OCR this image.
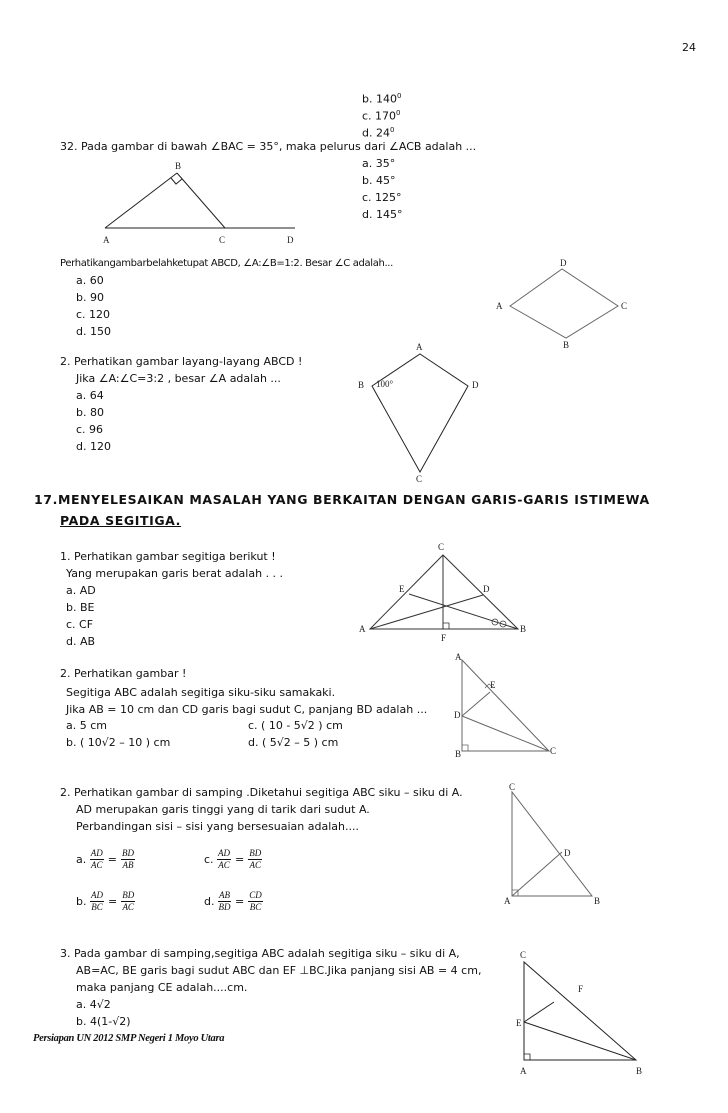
24
b. $140^0$
c. $170^0$
d. $24^0$
32. Pada gambar di bawah ∠BAC = 35°, maka pelurus dari ∠ACB adalah ...
a. 35°
b. 45°
c. 125°
d. 145°
B
A	C	D
Perhatikangambarbelahketupat ABCD, ∠A:∠B=1:2. Besar ∠C adalah...
a. 60
b. 90
c. 120
d. 150
D
A	C
B
2. Perhatikan gambar layang-layang ABCD !
Jika ∠A:∠C=3:2 , besar ∠A adalah ...
a. 64
b. 80
c. 96
d. 120
A
B	D
C
100°
17.MENYELESAIKAN MASALAH YANG BERKAITAN DENGAN GARIS-GARIS ISTIMEWA
PADA SEGITIGA.
1. Perhatikan gambar segitiga berikut !
Yang merupakan garis berat adalah . . .
a. AD
b. BE
c. CF
d. AB
C
E	D
A	B
F
2. Perhatikan gambar !
Segitiga ABC adalah segitiga siku-siku samakaki.
Jika AB = 10 cm dan CD garis bagi sudut C, panjang BD adalah ...
a. 5 cm	c. ( 10 - 5√2 ) cm
b. ( 10√2 – 10 ) cm	d. ( 5√2 – 5 ) cm
A
E
D
B	C
2. Perhatikan gambar di samping .Diketahui segitiga ABC siku – siku di A.
AD merupakan garis tinggi yang di tarik dari sudut A.
Perbandingan sisi – sisi yang bersesuaian adalah....
a. $\frac{AD}{AC} = \frac{BD}{AB}$	c. $\frac{AD}{AC} = \frac{BD}{AC}$
b. $\frac{AD}{BC} = \frac{BD}{AC}$	d. $\frac{AB}{BD} = \frac{CD}{BC}$
C
D
A	B
3. Pada gambar di samping,segitiga ABC adalah segitiga siku – siku di A,
AB=AC, BE garis bagi sudut ABC dan EF ⊥BC.Jika panjang sisi AB = 4 cm,
maka panjang CE adalah....cm.
a. 4√2
b. 4(1-√2)
C
F
E
A	B
Persiapan UN 2012 SMP Negeri 1 Moyo Utara
